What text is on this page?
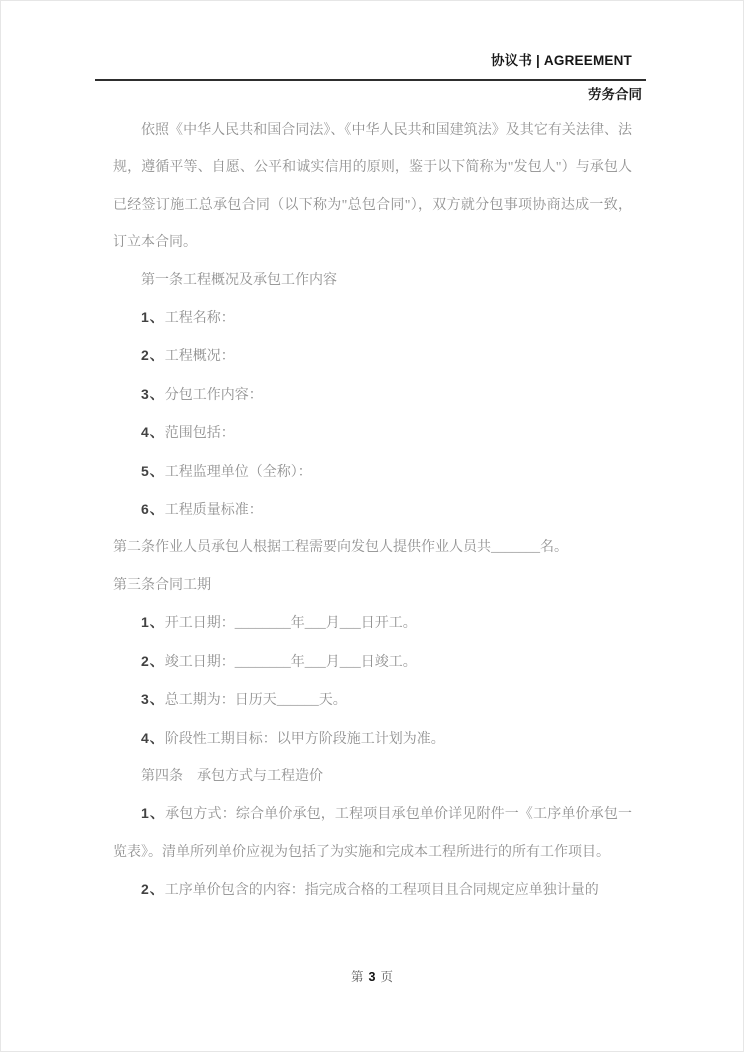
协议书 | AGREEMENT
劳务合同

依照《中华人民共和国合同法》、《中华人民共和国建筑法》及其它有关法律、法规，遵循平等、自愿、公平和诚实信用的原则，鉴于以下简称为"发包人"）与承包人已经签订施工总承包合同（以下称为"总包合同"），双方就分包事项协商达成一致，订立本合同。

第一条工程概况及承包工作内容

1、工程名称：

2、工程概况：

3、分包工作内容：

4、范围包括：

5、工程监理单位（全称）：

6、工程质量标准：

第二条作业人员承包人根据工程需要向发包人提供作业人员共_______名。

第三条合同工期

1、开工日期：________年___月___日开工。

2、竣工日期：________年___月___日竣工。

3、总工期为：日历天______天。

4、阶段性工期目标：以甲方阶段施工计划为准。

第四条　承包方式与工程造价

1、承包方式：综合单价承包，工程项目承包单价详见附件一《工序单价承包一览表》。清单所列单价应视为包括了为实施和完成本工程所进行的所有工作项目。

2、工序单价包含的内容：指完成合格的工程项目且合同规定应单独计量的

第 3 页
